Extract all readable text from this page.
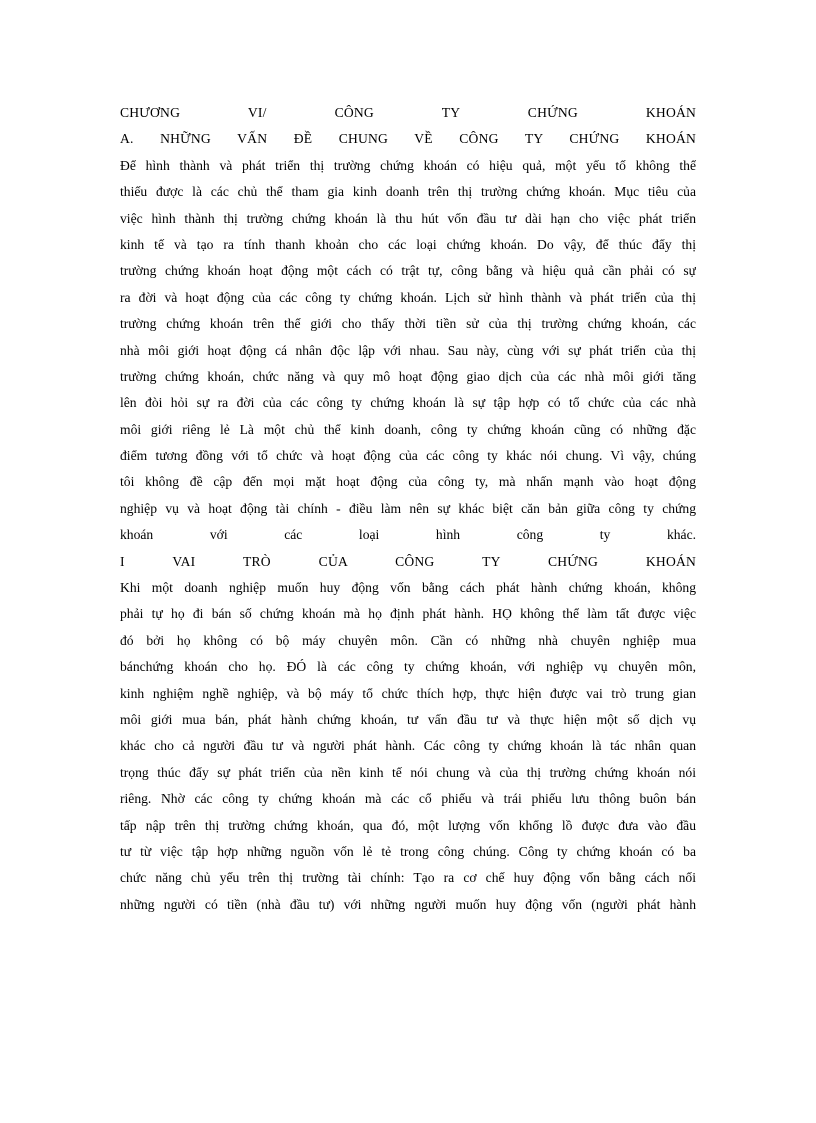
CHƯƠNG VI/ CÔNG TY CHỨNG KHOÁN
A. NHỮNG VẤN ĐỀ CHUNG VỀ CÔNG TY CHỨNG KHOÁN
Để hình thành và phát triển thị trường chứng khoán có hiệu quả, một yếu tố không thể
thiếu được là các chủ thể tham gia kinh doanh trên thị trường chứng khoán. Mục tiêu của
việc hình thành thị trường chứng khoán là thu hút vốn đầu tư dài hạn cho việc phát triển
kinh tế và tạo ra tính thanh khoản cho các loại chứng khoán. Do vậy, để thúc đẩy thị
trường chứng khoán hoạt động một cách có trật tự, công bằng và hiệu quả cần phải có sự
ra đời và hoạt động của các công ty chứng khoán. Lịch sử hình thành và phát triển của thị
trường chứng khoán trên thế giới cho thấy thời tiền sử của thị trường chứng khoán, các
nhà môi giới hoạt động cá nhân độc lập với nhau. Sau này, cùng với sự phát triển của thị
trường chứng khoán, chức năng và quy mô hoạt động giao dịch của các nhà môi giới tăng
lên đòi hỏi sự ra đời của các công ty chứng khoán là sự tập hợp có tổ chức của các nhà
môi giới riêng lẻ Là một chủ thể kinh doanh, công ty chứng khoán cũng có những đặc
điểm tương đồng với tổ chức và hoạt động của các công ty khác nói chung. Vì vậy, chúng
tôi không đề cập đến mọi mặt hoạt động của công ty, mà nhấn mạnh vào hoạt động
nghiệp vụ và hoạt động tài chính - điều làm nên sự khác biệt căn bản giữa công ty chứng
khoán với các loại hình công ty khác.
I VAI TRÒ CỦA CÔNG TY CHỨNG KHOÁN
Khi một doanh nghiệp muốn huy động vốn bằng cách phát hành chứng khoán, không
phải tự họ đi bán số chứng khoán mà họ định phát hành. HỌ không thể làm tất được việc
đó bởi họ không có bộ máy chuyên môn. Cần có những nhà chuyên nghiệp mua
bánchứng khoán cho họ. ĐÓ là các công ty chứng khoán, với nghiệp vụ chuyên môn,
kinh nghiệm nghề nghiệp, và bộ máy tổ chức thích hợp, thực hiện được vai trò trung gian
môi giới mua bán, phát hành chứng khoán, tư vấn đầu tư và thực hiện một số dịch vụ
khác cho cả người đầu tư và người phát hành. Các công ty chứng khoán là tác nhân quan
trọng thúc đẩy sự phát triển của nền kinh tế nói chung và của thị trường chứng khoán nói
riêng. Nhờ các công ty chứng khoán mà các cổ phiếu và trái phiếu lưu thông buôn bán
tấp nập trên thị trường chứng khoán, qua đó, một lượng vốn khổng lồ được đưa vào đầu
tư từ việc tập hợp những nguồn vốn lẻ tẻ trong công chúng. Công ty chứng khoán có ba
chức năng chủ yếu trên thị trường tài chính: Tạo ra cơ chế huy động vốn bằng cách nối
những người có tiền (nhà đầu tư) với những người muốn huy động vốn (người phát hành
